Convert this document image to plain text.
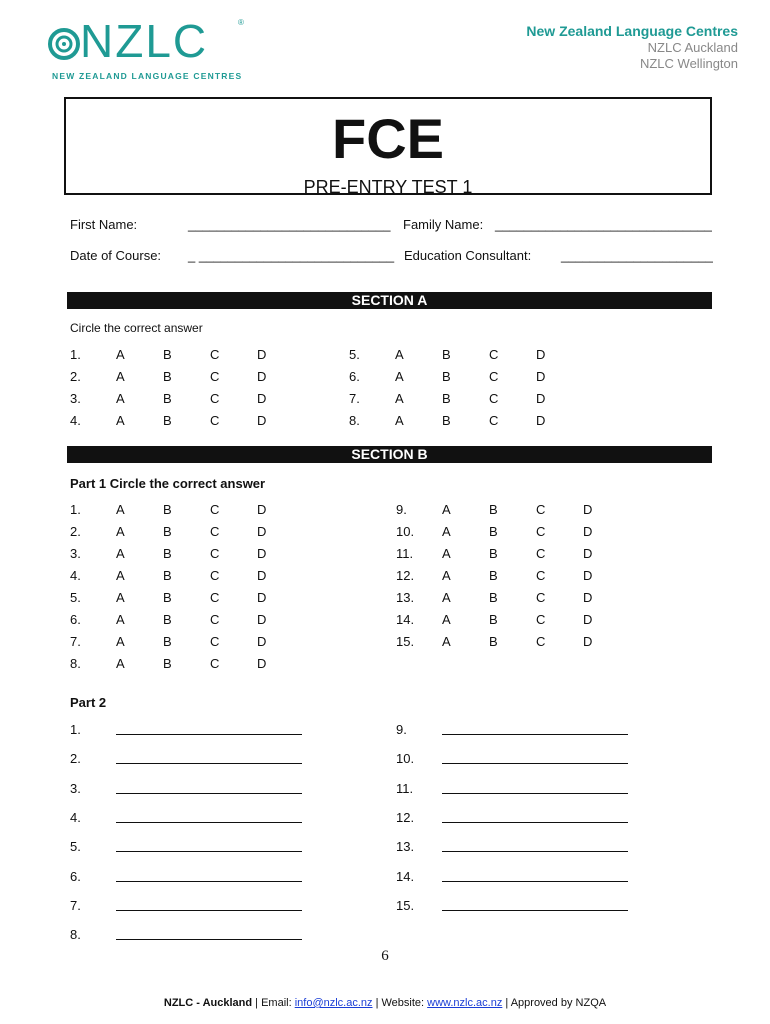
NZLC	®
NEW ZEALAND LANGUAGE CENTRES
New Zealand Language Centres
NZLC Auckland
NZLC Wellington
FCE
PRE-ENTRY TEST 1
First Name:	____________________________ Family Name: ______________________________
Date of Course: _ ___________________________ Education Consultant: _____________________
SECTION A
Circle the correct answer
1.	A	B	C	D
2.	A	B	C	D
3.	A	B	C	D
4.	A	B	C	D
5.	A	B	C	D
6.	A	B	C	D
7.	A	B	C	D
8.	A	B	C	D
SECTION B
Part 1 Circle the correct answer
1.	A	B	C	D
2.	A	B	C	D
3.	A	B	C	D
4.	A	B	C	D
5.	A	B	C	D
6.	A	B	C	D
7.	A	B	C	D
8.	A	B	C	D
9.	A	B	C	D
10. A	B	C	D
11. A	B	C	D
12. A	B	C	D
13. A	B	C	D
14. A	B	C	D
15. A	B	C	D
Part 2
1.
2.
3.
4.
5.
6.
7.
8.
9.
10.
11.
12.
13.
14.
15.
6
NZLC - Auckland | Email: info@nzlc.ac.nz | Website: www.nzlc.ac.nz | Approved by NZQA
